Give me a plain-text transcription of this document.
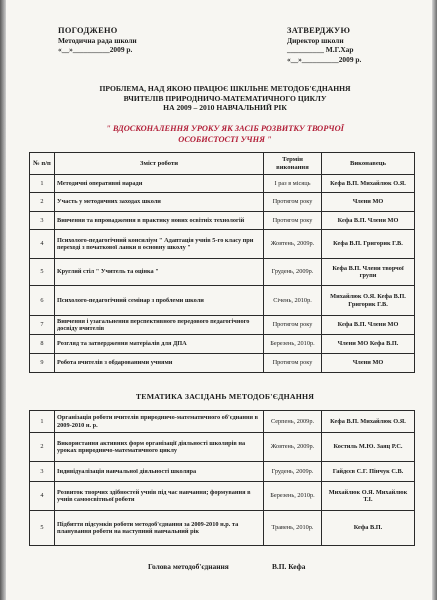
ПОГОДЖЕНО
Методична рада школи
«__»__________2009 р.
ЗАТВЕРДЖУЮ
Директор школи
__________ М.Г.Хар
«__»__________2009 р.
ПРОБЛЕМА, НАД ЯКОЮ ПРАЦЮЄ ШКІЛЬНЕ МЕТОДОБ'ЄДНАННЯ
ВЧИТЕЛІВ ПРИРОДНИЧО-МАТЕМАТИЧНОГО ЦИКЛУ
НА 2009 – 2010 НАВЧАЛЬНИЙ РІК
" ВДОСКОНАЛЕННЯ УРОКУ ЯК ЗАСІБ РОЗВИТКУ ТВОРЧОЇ
ОСОБИСТОСТІ УЧНЯ "
№ п/п	Зміст роботи	Термін виконання	Виконавець
1	Методичні оперативні наради	І раз в місяць	Кефа В.П. Михайлюк О.Я.
2	Участь у методичних заходах школи	Протягом року	Члени МО
3	Вивчення та впровадження в практику нових освітніх технологій	Протягом року	Кефа В.П. Члени МО
4	Психолого-педагогічний консиліум " Адаптація учнів 5-го класу при переході з початкової ланки в основну школу "	Жовтень, 2009р.	Кефа В.П. Григорик Г.В.
5	Круглий стіл " Учитель та оцінка "	Грудень, 2009р.	Кефа В.П. Члени творчої групи
6	Психолого-педагогічний семінар з проблеми школи	Січень, 2010р.	Михайлюк О.Я. Кефа В.П. Григорик Г.В.
7	Вивчення і узагальнення перспективного передового педагогічного досвіду вчителів	Протягом року	Кефа В.П. Члени МО
8	Розгляд та затвердження матеріалів для ДПА	Березень, 2010р.	Члени МО Кефа В.П.
9	Робота вчителів з обдарованими учнями	Протягом року	Члени МО
ТЕМАТИКА ЗАСІДАНЬ МЕТОДОБ'ЄДНАННЯ
1	Організація роботи вчителів природничо-математичного об'єднання в 2009-2010 н. р.	Серпень, 2009р.	Кефа В.П. Михайлюк О.Я.
2	Використання активних форм організації діяльності школярів на уроках природничо-математичного циклу	Жовтень, 2009р.	Костиль М.Ю. Заяц Р.С.
3	Індивідуалізація навчальної діяльності школяра	Грудень, 2009р.	Гайдєєв С.Г. Пінчук С.В.
4	Розвиток творчих здібностей учнів під час навчання; формування в учнів самоосвітньої роботи	Березень, 2010р.	Михайлюк О.Я. Михайлюк Т.І.
5	Підбиття підсумків роботи методоб'єднання за 2009-2010 н.р. та планування роботи на наступний навчальний рік	Травень, 2010р.	Кефа В.П.
Голова методоб'єднання	В.П. Кефа
